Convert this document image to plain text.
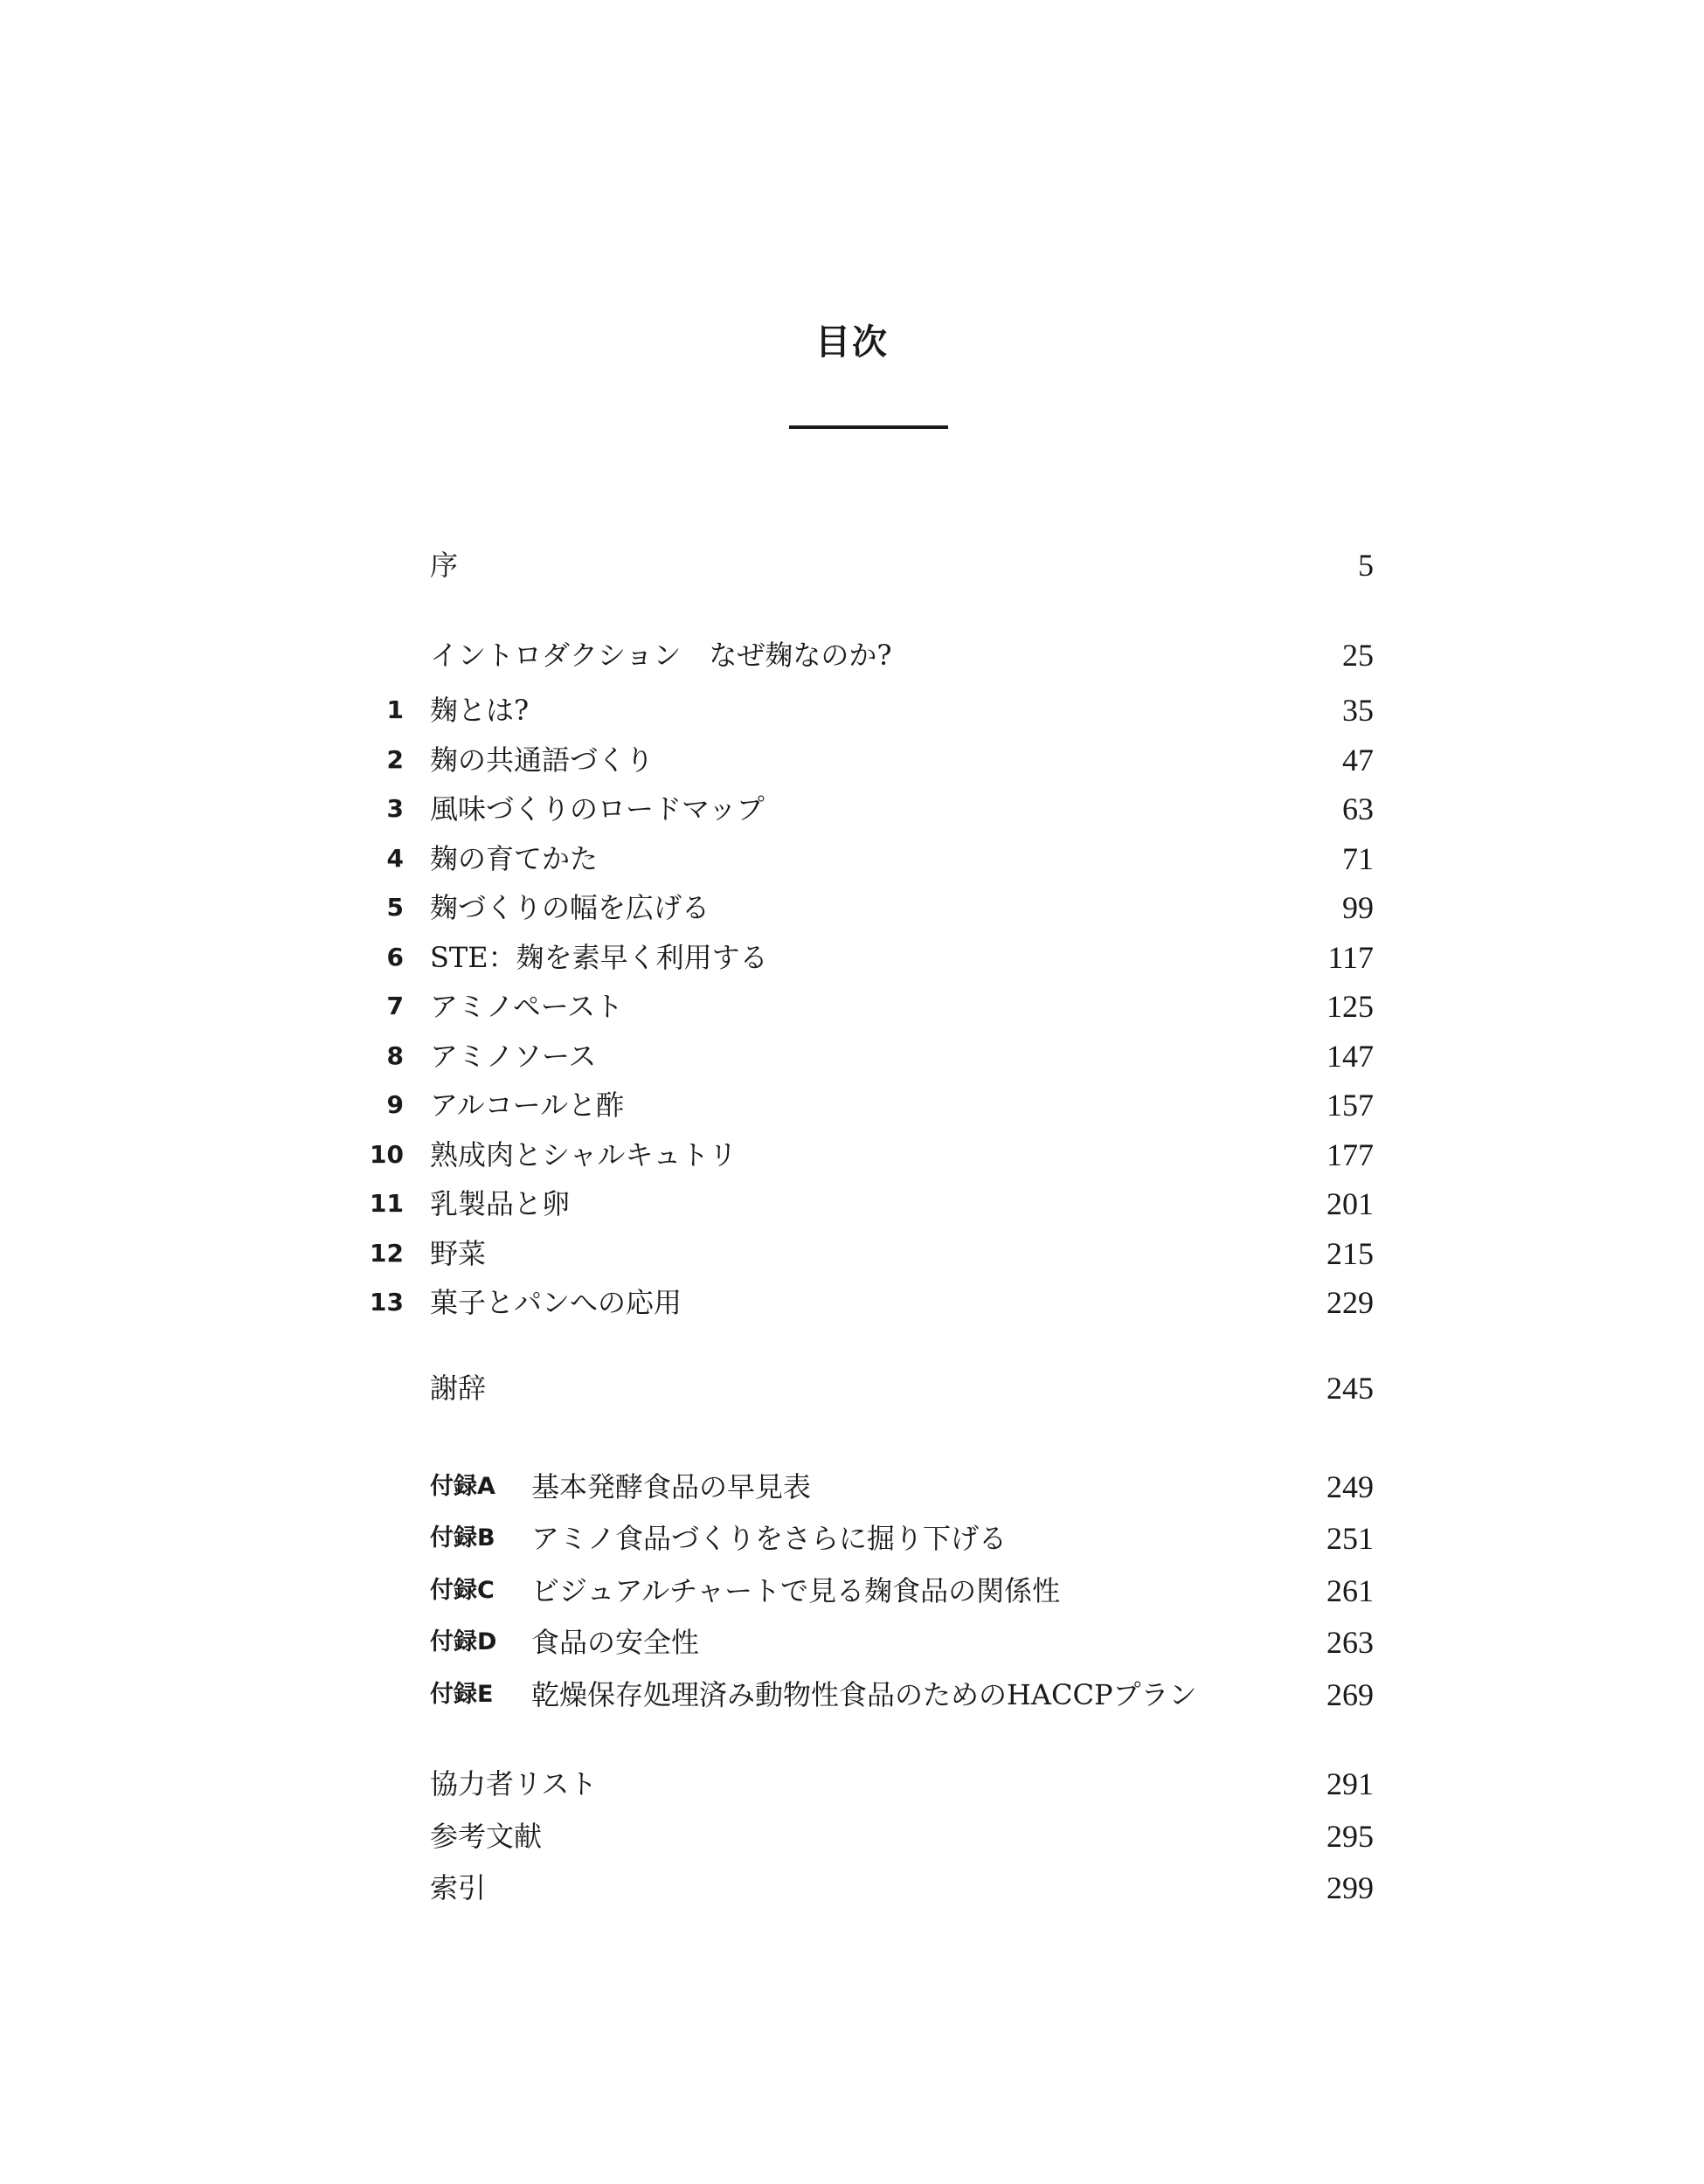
目次
序	5
イントロダクション　なぜ麹なのか?	25
1 麹とは?	35
2 麹の共通語づくり	47
3 風味づくりのロードマップ	63
4 麹の育てかた	71
5 麹づくりの幅を広げる	99
6 STE：麹を素早く利用する	117
7 アミノペースト	125
8 アミノソース	147
9 アルコールと酢	157
10 熟成肉とシャルキュトリ	177
11 乳製品と卵	201
12 野菜	215
13 菓子とパンへの応用	229
謝辞	245
付録A 基本発酵食品の早見表	249
付録B アミノ食品づくりをさらに掘り下げる	251
付録C ビジュアルチャートで見る麹食品の関係性	261
付録D 食品の安全性	263
付録E 乾燥保存処理済み動物性食品のためのHACCPプラン	269
協力者リスト	291
参考文献	295
索引	299
